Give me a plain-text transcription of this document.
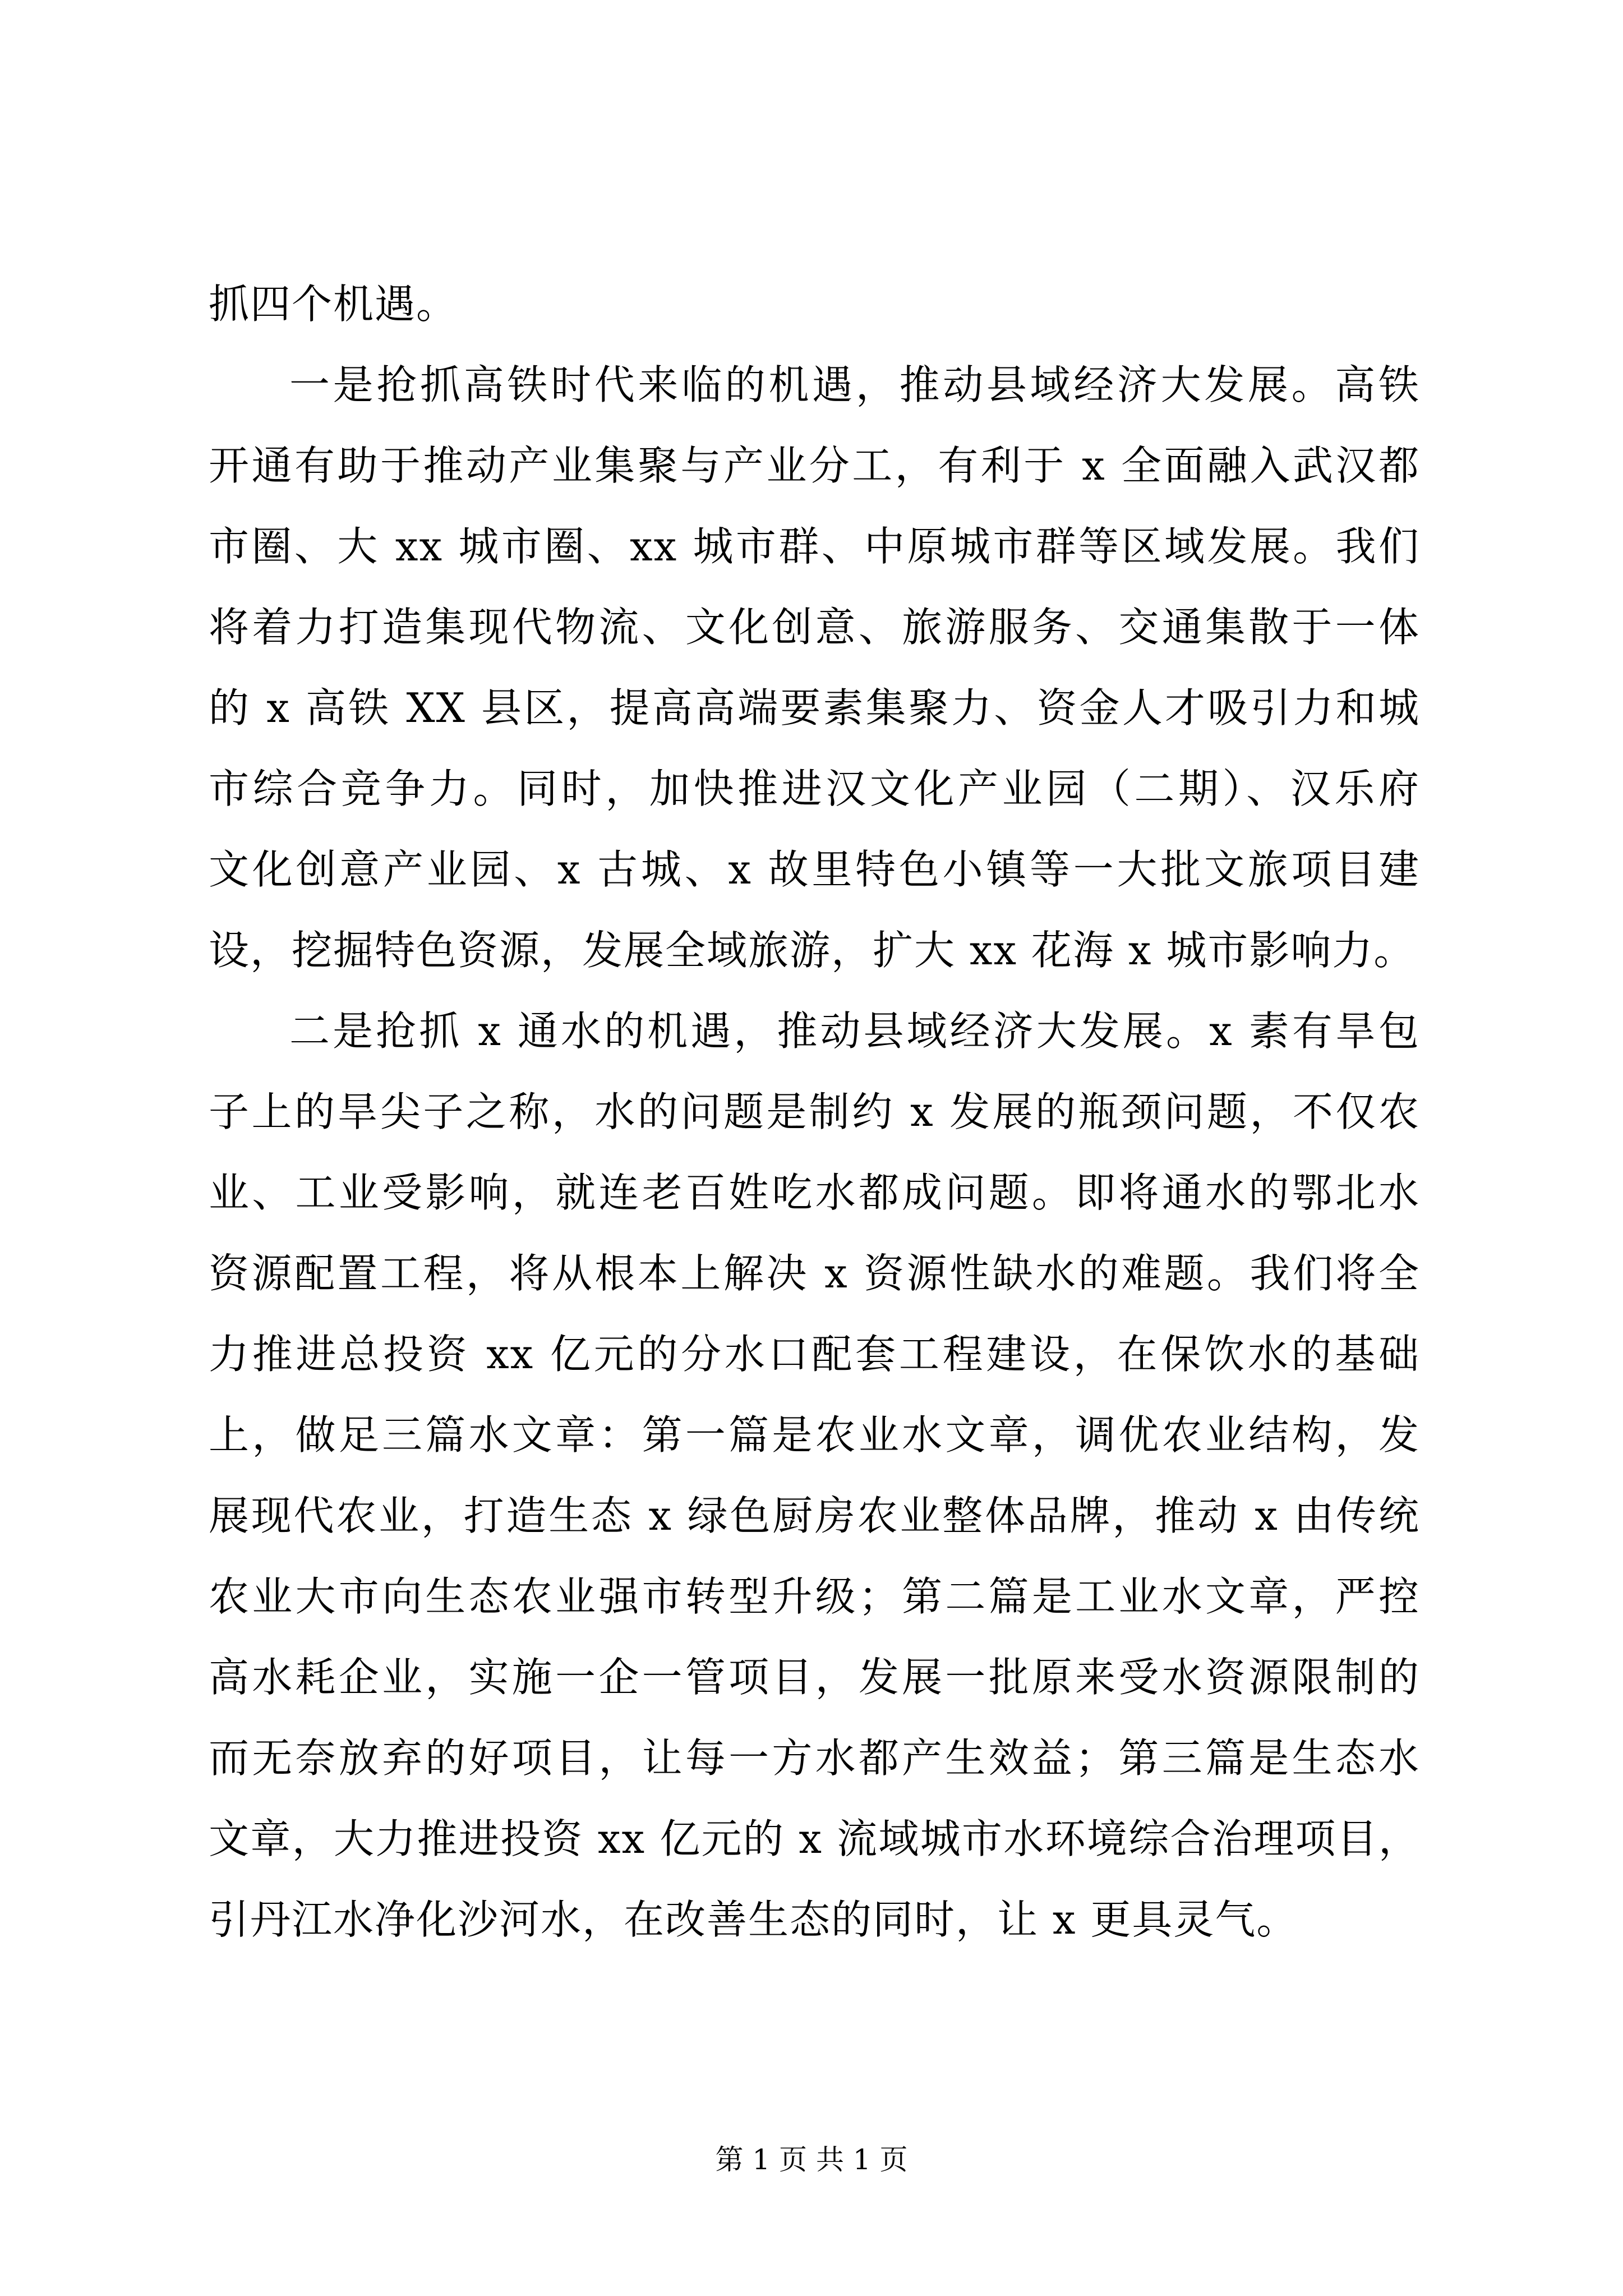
抓四个机遇。
一是抢抓高铁时代来临的机遇，推动县域经济大发展。高铁
开通有助于推动产业集聚与产业分工，有利于 x 全面融入武汉都
市圈、大 xx 城市圈、xx 城市群、中原城市群等区域发展。我们
将着力打造集现代物流、文化创意、旅游服务、交通集散于一体
的 x 高铁 XX 县区，提高高端要素集聚力、资金人才吸引力和城
市综合竞争力。同时，加快推进汉文化产业园（二期）、汉乐府
文化创意产业园、x 古城、x 故里特色小镇等一大批文旅项目建
设，挖掘特色资源，发展全域旅游，扩大 xx 花海 x 城市影响力。
二是抢抓 x 通水的机遇，推动县域经济大发展。x 素有旱包
子上的旱尖子之称，水的问题是制约 x 发展的瓶颈问题，不仅农
业、工业受影响，就连老百姓吃水都成问题。即将通水的鄂北水
资源配置工程，将从根本上解决 x 资源性缺水的难题。我们将全
力推进总投资 xx 亿元的分水口配套工程建设，在保饮水的基础
上，做足三篇水文章：第一篇是农业水文章，调优农业结构，发
展现代农业，打造生态 x 绿色厨房农业整体品牌，推动 x 由传统
农业大市向生态农业强市转型升级；第二篇是工业水文章，严控
高水耗企业，实施一企一管项目，发展一批原来受水资源限制的
而无奈放弃的好项目，让每一方水都产生效益；第三篇是生态水
文章，大力推进投资 xx 亿元的 x 流域城市水环境综合治理项目，
引丹江水净化沙河水，在改善生态的同时，让 x 更具灵气。
第 1 页 共 1 页
